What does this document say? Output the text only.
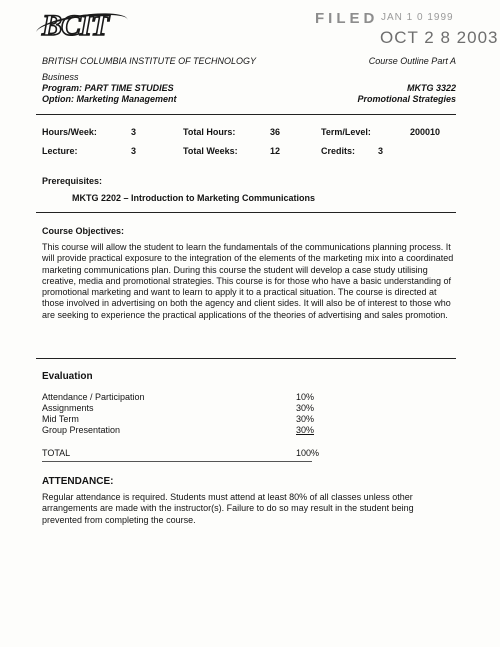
BCIT	FILED JAN 1 0 1999
OCT 2 8 2003
BRITISH COLUMBIA INSTITUTE OF TECHNOLOGY	Course Outline Part A
Business
Program: PART TIME STUDIES	MKTG 3322
Option: Marketing Management	Promotional Strategies
Hours/Week:	3	Total Hours:	36	Term/Level:	200010
Lecture:	3	Total Weeks:	12	Credits:	3
Prerequisites:
MKTG 2202 – Introduction to Marketing Communications
Course Objectives:
This course will allow the student to learn the fundamentals of the communications planning process. It will provide practical exposure to the integration of the elements of the marketing mix into a coordinated marketing communications plan. During this course the student will develop a case study utilising creative, media and promotional strategies. This course is for those who have a basic understanding of promotional marketing and want to learn to apply it to a practical situation. The course is directed at those involved in advertising on both the agency and client sides. It will also be of interest to those who are seeking to experience the practical applications of the theories of advertising and sales promotion.
Evaluation
Attendance / Participation	10%
Assignments	30%
Mid Term	30%
Group Presentation	30%
TOTAL	100%
ATTENDANCE:
Regular attendance is required. Students must attend at least 80% of all classes unless other arrangements are made with the instructor(s). Failure to do so may result in the student being prevented from completing the course.
